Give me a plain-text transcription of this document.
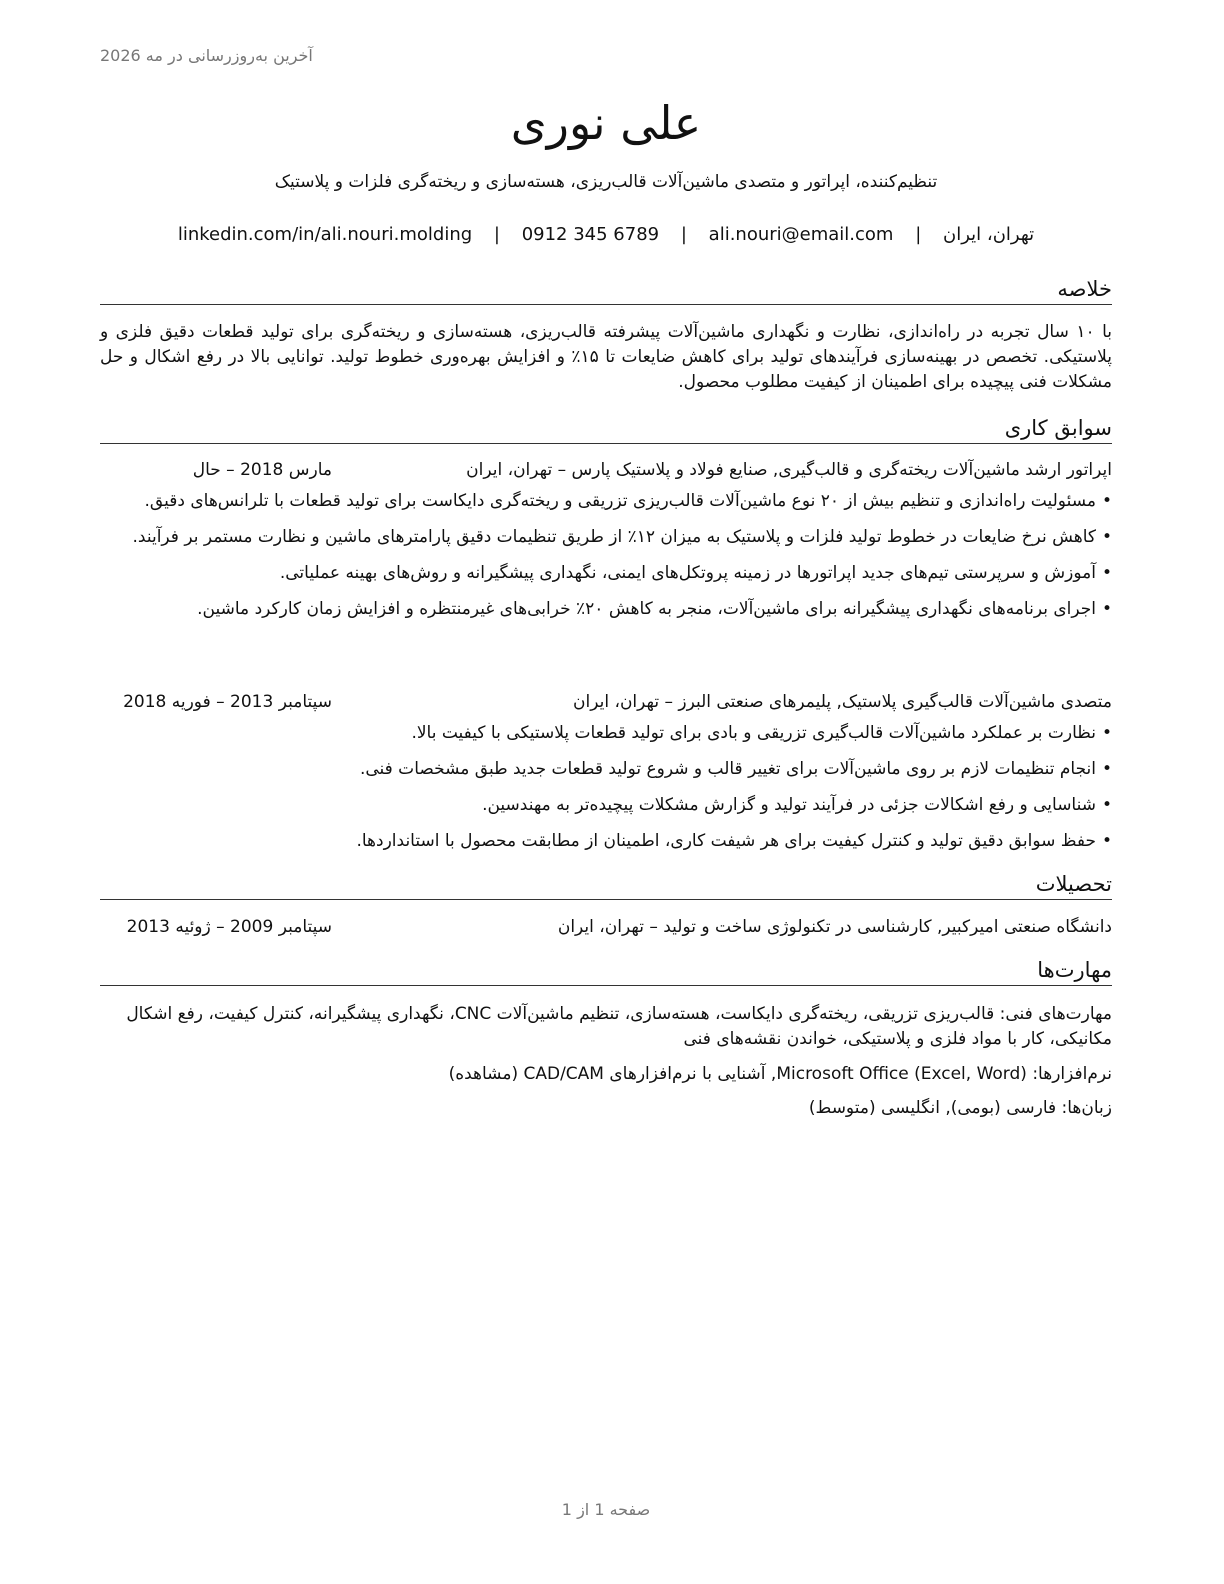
آخرین به‌روزرسانی در مه 2026
علی نوری
تنظیم‌کننده، اپراتور و متصدی ماشین‌آلات قالب‌ریزی، هسته‌سازی و ریخته‌گری فلزات و پلاستیک
تهران، ایران | ali.nouri@email.com | 0912 345 6789 | linkedin.com/in/ali.nouri.molding
خلاصه
با ۱۰ سال تجربه در راه‌اندازی، نظارت و نگهداری ماشین‌آلات پیشرفته قالب‌ریزی، هسته‌سازی و ریخته‌گری برای تولید قطعات دقیق فلزی و پلاستیکی. تخصص در بهینه‌سازی فرآیندهای تولید برای کاهش ضایعات تا ۱۵٪ و افزایش بهره‌وری خطوط تولید. توانایی بالا در رفع اشکال و حل مشکلات فنی پیچیده برای اطمینان از کیفیت مطلوب محصول.
سوابق کاری
اپراتور ارشد ماشین‌آلات ریخته‌گری و قالب‌گیری, صنایع فولاد و پلاستیک پارس – تهران، ایران
مارس 2018 – حال
• مسئولیت راه‌اندازی و تنظیم بیش از ۲۰ نوع ماشین‌آلات قالب‌ریزی تزریقی و ریخته‌گری دایکاست برای تولید قطعات با تلرانس‌های دقیق.
• کاهش نرخ ضایعات در خطوط تولید فلزات و پلاستیک به میزان ۱۲٪ از طریق تنظیمات دقیق پارامترهای ماشین و نظارت مستمر بر فرآیند.
• آموزش و سرپرستی تیم‌های جدید اپراتورها در زمینه پروتکل‌های ایمنی، نگهداری پیشگیرانه و روش‌های بهینه عملیاتی.
• اجرای برنامه‌های نگهداری پیشگیرانه برای ماشین‌آلات، منجر به کاهش ۲۰٪ خرابی‌های غیرمنتظره و افزایش زمان کارکرد ماشین.
متصدی ماشین‌آلات قالب‌گیری پلاستیک, پلیمرهای صنعتی البرز – تهران، ایران
سپتامبر 2013 – فوریه 2018
• نظارت بر عملکرد ماشین‌آلات قالب‌گیری تزریقی و بادی برای تولید قطعات پلاستیکی با کیفیت بالا.
• انجام تنظیمات لازم بر روی ماشین‌آلات برای تغییر قالب و شروع تولید قطعات جدید طبق مشخصات فنی.
• شناسایی و رفع اشکالات جزئی در فرآیند تولید و گزارش مشکلات پیچیده‌تر به مهندسین.
• حفظ سوابق دقیق تولید و کنترل کیفیت برای هر شیفت کاری، اطمینان از مطابقت محصول با استانداردها.
تحصیلات
دانشگاه صنعتی امیرکبیر, کارشناسی در تکنولوژی ساخت و تولید – تهران، ایران
سپتامبر 2009 – ژوئیه 2013
مهارت‌ها
مهارت‌های فنی: قالب‌ریزی تزریقی، ریخته‌گری دایکاست، هسته‌سازی، تنظیم ماشین‌آلات CNC، نگهداری پیشگیرانه، کنترل کیفیت، رفع اشکال مکانیکی، کار با مواد فلزی و پلاستیکی، خواندن نقشه‌های فنی
نرم‌افزارها: Microsoft Office (Excel, Word), آشنایی با نرم‌افزارهای CAD/CAM (مشاهده)
زبان‌ها: فارسی (بومی), انگلیسی (متوسط)
صفحه 1 از 1
